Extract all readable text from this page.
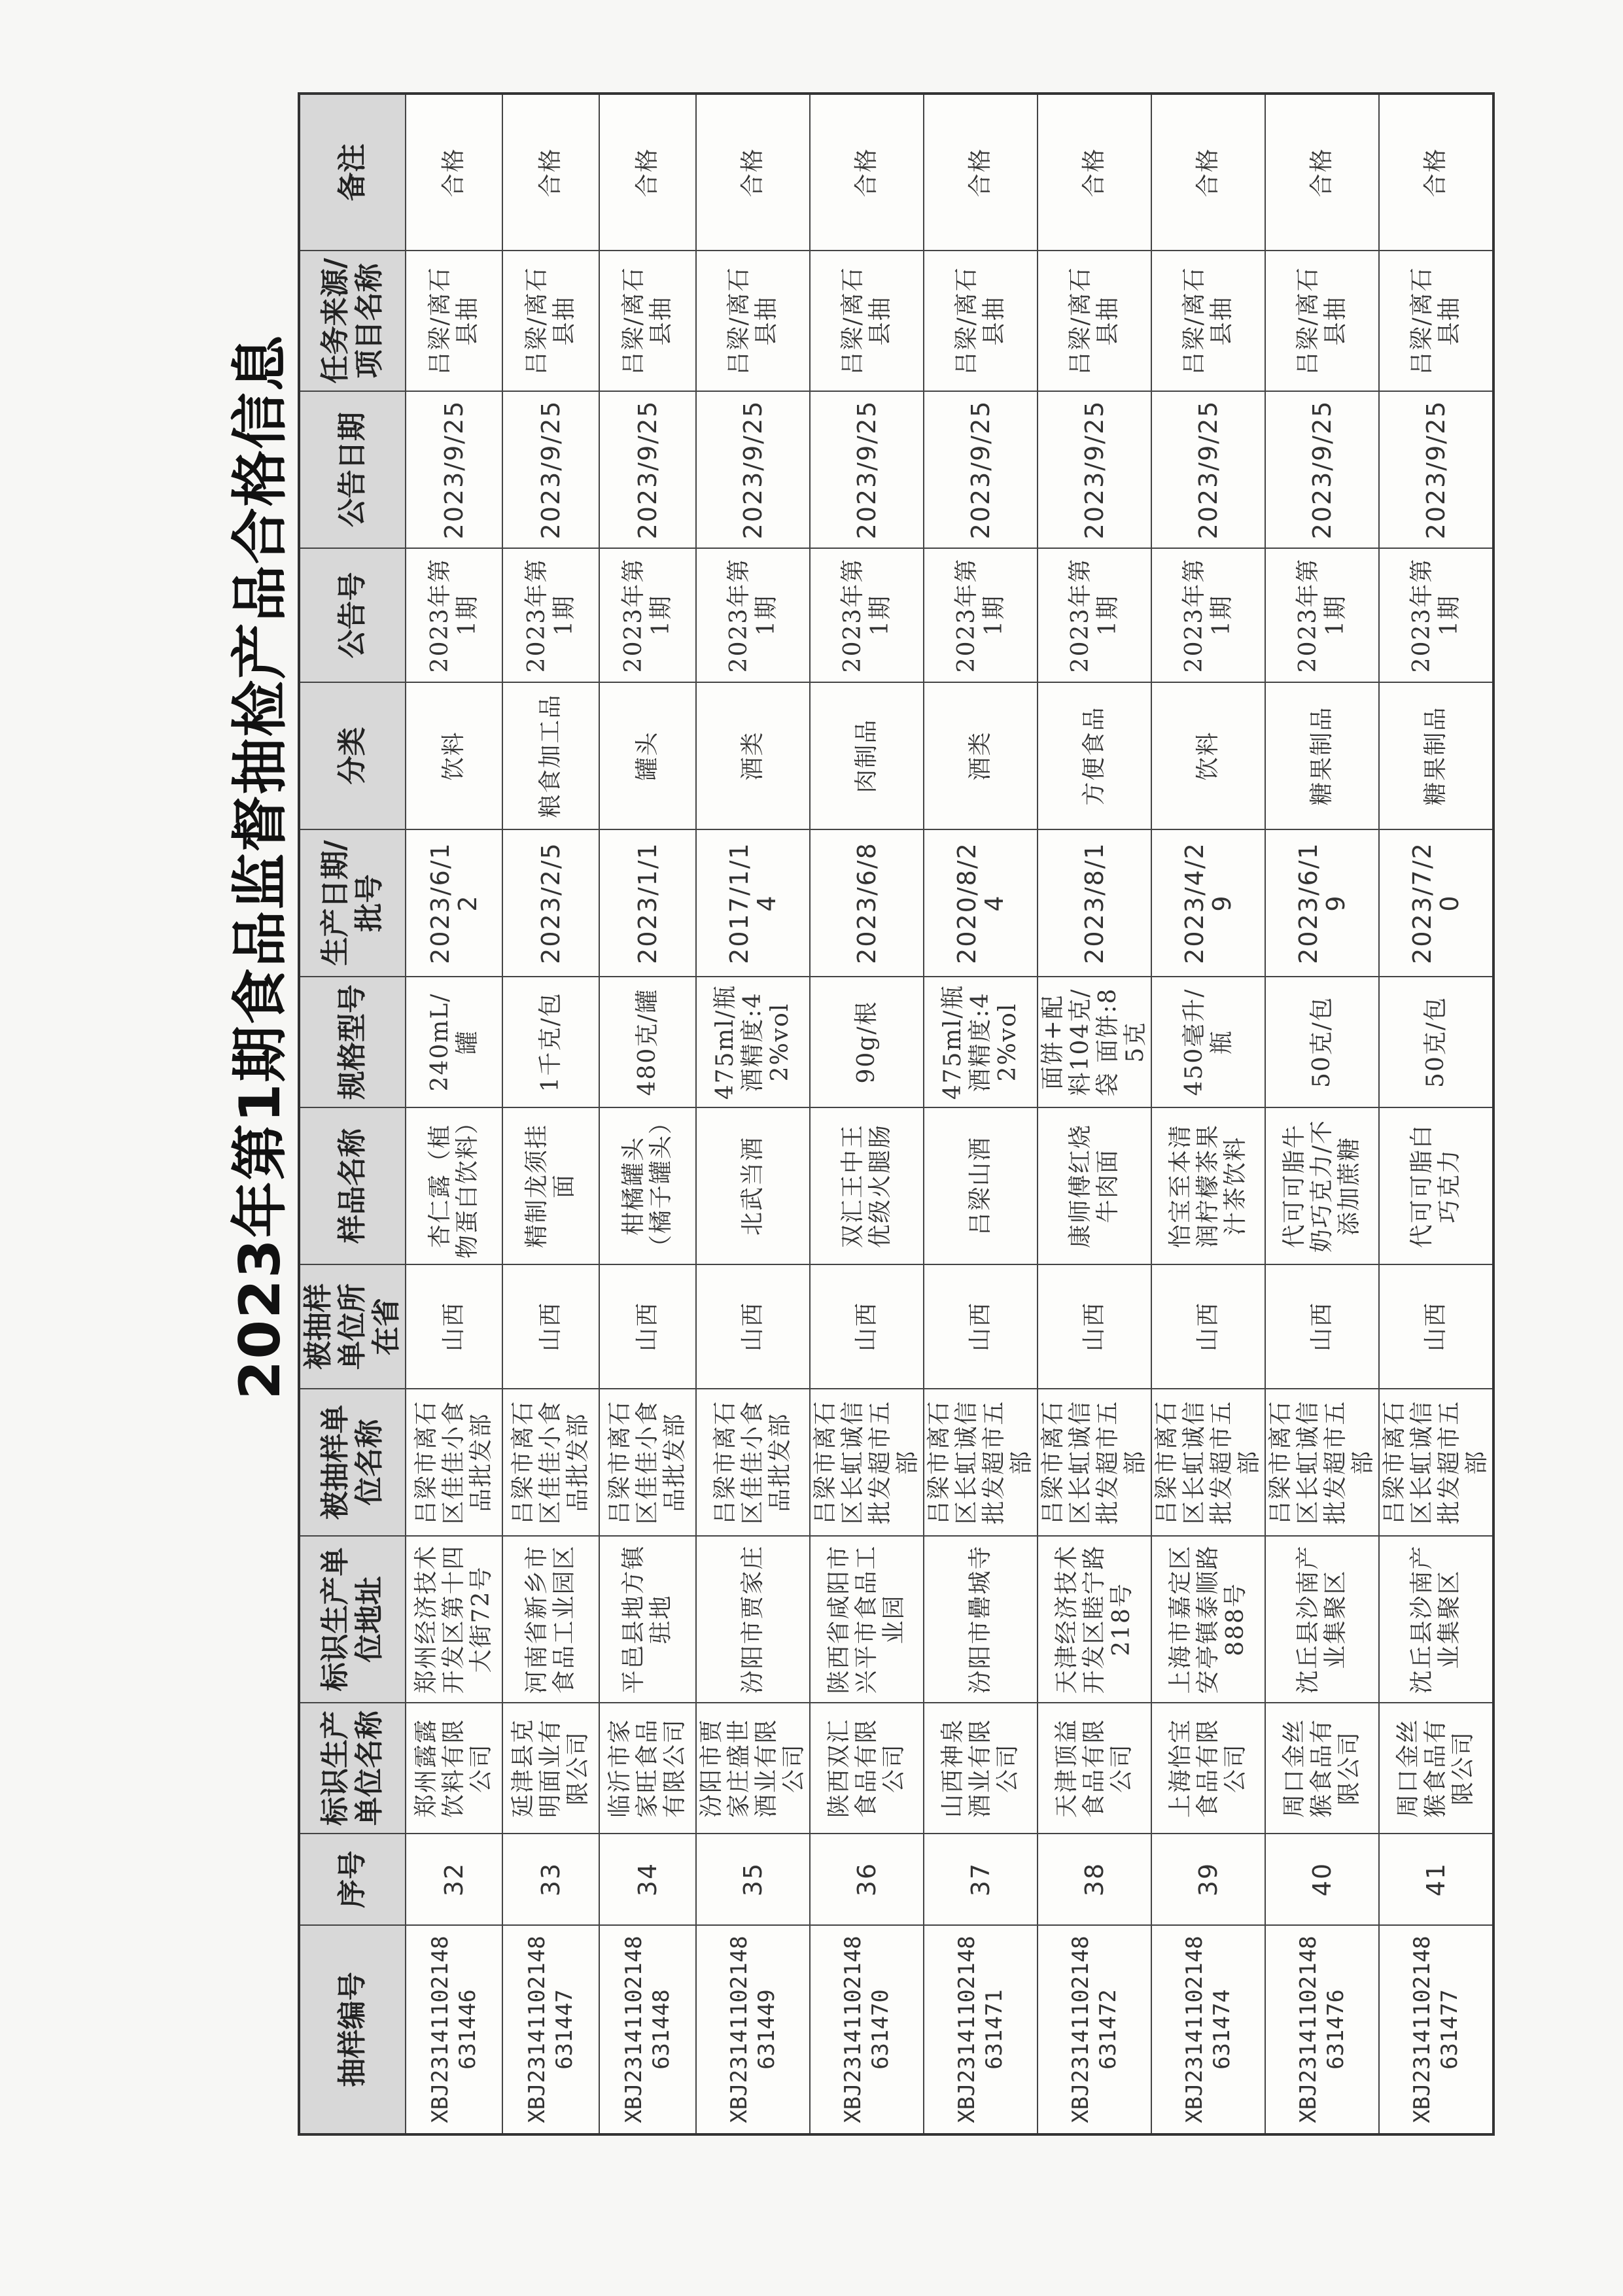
2023年第1期食品监督抽检产品合格信息
抽样编号	序号	标识生产单位名称	标识生产单位地址	被抽样单位名称	被抽样单位所在省	样品名称	规格型号	生产日期/批号	分类	公告号	公告日期	任务来源/项目名称	备注
XBJ23141102148631446	32	郑州露露饮料有限公司	郑州经济技术开发区第十四大街72号	吕梁市离石区佳佳小食品批发部	山西	杏仁露（植物蛋白饮料）	240mL/罐	2023/6/12	饮料	2023年第1期	2023/9/25	吕梁/离石县抽	合格
XBJ23141102148631447	33	延津县克明面业有限公司	河南省新乡市食品工业园区	吕梁市离石区佳佳小食品批发部	山西	精制龙须挂面	1千克/包	2023/2/5	粮食加工品	2023年第1期	2023/9/25	吕梁/离石县抽	合格
XBJ23141102148631448	34	临沂市家家旺食品有限公司	平邑县地方镇驻地	吕梁市离石区佳佳小食品批发部	山西	柑橘罐头（橘子罐头）	480克/罐	2023/1/1	罐头	2023年第1期	2023/9/25	吕梁/离石县抽	合格
XBJ23141102148631449	35	汾阳市贾家庄盛世酒业有限公司	汾阳市贾家庄	吕梁市离石区佳佳小食品批发部	山西	北武当酒	475ml/瓶 酒精度:42%vol	2017/1/14	酒类	2023年第1期	2023/9/25	吕梁/离石县抽	合格
XBJ23141102148631470	36	陕西双汇食品有限公司	陕西省咸阳市兴平市食品工业园	吕梁市离石区长虹诚信批发超市五部	山西	双汇王中王优级火腿肠	90g/根	2023/6/8	肉制品	2023年第1期	2023/9/25	吕梁/离石县抽	合格
XBJ23141102148631471	37	山西神泉酒业有限公司	汾阳市罍城寺	吕梁市离石区长虹诚信批发超市五部	山西	吕梁山酒	475ml/瓶 酒精度:42%vol	2020/8/24	酒类	2023年第1期	2023/9/25	吕梁/离石县抽	合格
XBJ23141102148631472	38	天津顶益食品有限公司	天津经济技术开发区睦宁路218号	吕梁市离石区长虹诚信批发超市五部	山西	康师傅红烧牛肉面	面饼+配料104克/袋 面饼:85克	2023/8/1	方便食品	2023年第1期	2023/9/25	吕梁/离石县抽	合格
XBJ23141102148631474	39	上海怡宝食品有限公司	上海市嘉定区安亭镇泰顺路888号	吕梁市离石区长虹诚信批发超市五部	山西	怡宝至本清润柠檬茶果汁茶饮料	450毫升/瓶	2023/4/29	饮料	2023年第1期	2023/9/25	吕梁/离石县抽	合格
XBJ23141102148631476	40	周口金丝猴食品有限公司	沈丘县沙南产业集聚区	吕梁市离石区长虹诚信批发超市五部	山西	代可可脂牛奶巧克力/不添加蔗糖	50克/包	2023/6/19	糖果制品	2023年第1期	2023/9/25	吕梁/离石县抽	合格
XBJ23141102148631477	41	周口金丝猴食品有限公司	沈丘县沙南产业集聚区	吕梁市离石区长虹诚信批发超市五部	山西	代可可脂白巧克力	50克/包	2023/7/20	糖果制品	2023年第1期	2023/9/25	吕梁/离石县抽	合格
